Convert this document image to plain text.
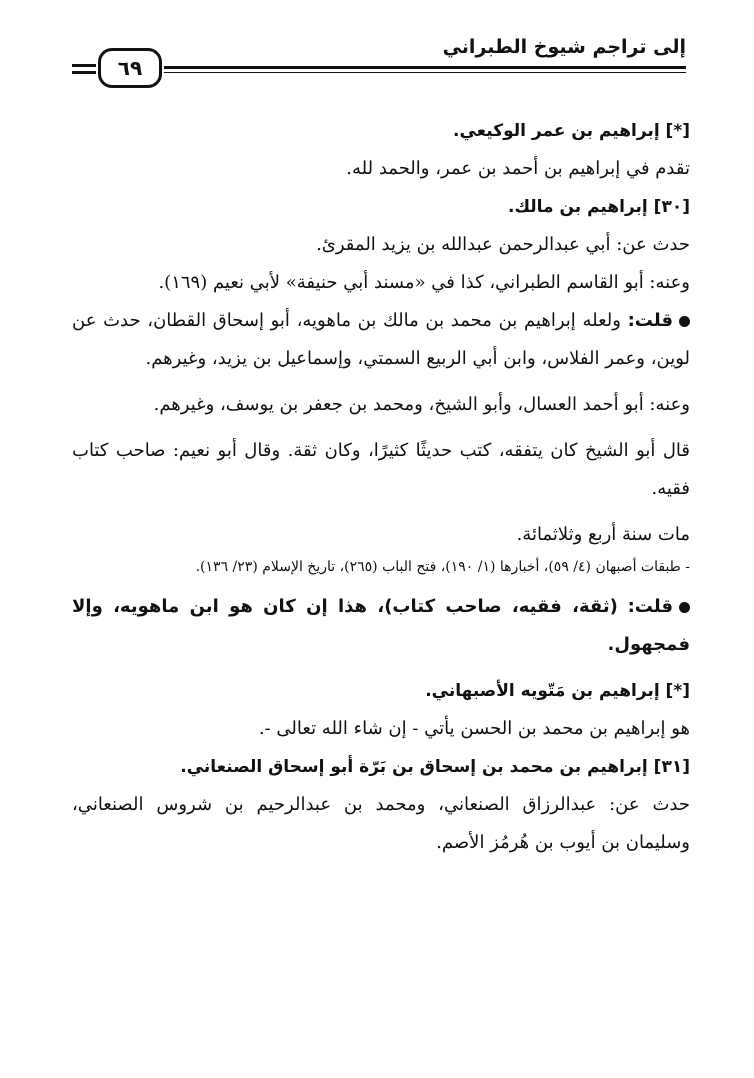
إلى تراجم شيوخ الطبراني
٦٩
[*] إبراهيم بن عمر الوكيعي.
تقدم في إبراهيم بن أحمد بن عمر، والحمد لله.
[٣٠] إبراهيم بن مالك.
حدث عن: أبي عبدالرحمن عبدالله بن يزيد المقرئ.
وعنه: أبو القاسم الطبراني، كذا في «مسند أبي حنيفة» لأبي نعيم (١٦٩).
قلت: ولعله إبراهيم بن محمد بن مالك بن ماهويه، أبو إسحاق القطان، حدث عن لوين، وعمر الفلاس، وابن أبي الربيع السمتي، وإسماعيل بن يزيد، وغيرهم.
وعنه: أبو أحمد العسال، وأبو الشيخ، ومحمد بن جعفر بن يوسف، وغيرهم.
قال أبو الشيخ كان يتفقه، كتب حديثًا كثيرًا، وكان ثقة. وقال أبو نعيم: صاحب كتاب فقيه.
مات سنة أربع وثلاثمائة.
- طبقات أصبهان (٤/ ٥٩)، أخبارها (١/ ١٩٠)، فتح الباب (٢٦٥)، تاريخ الإسلام (٢٣/ ١٣٦).
قلت: (ثقة، فقيه، صاحب كتاب)، هذا إن كان هو ابن ماهويه، وإلا فمجهول.
[*] إبراهيم بن مَتّويه الأصبهاني.
هو إبراهيم بن محمد بن الحسن يأتي - إن شاء الله تعالى -.
[٣١] إبراهيم بن محمد بن إسحاق بن بَرّة أبو إسحاق الصنعاني.
حدث عن: عبدالرزاق الصنعاني، ومحمد بن عبدالرحيم بن شروس الصنعاني، وسليمان بن أيوب بن هُرمُز الأصم.
